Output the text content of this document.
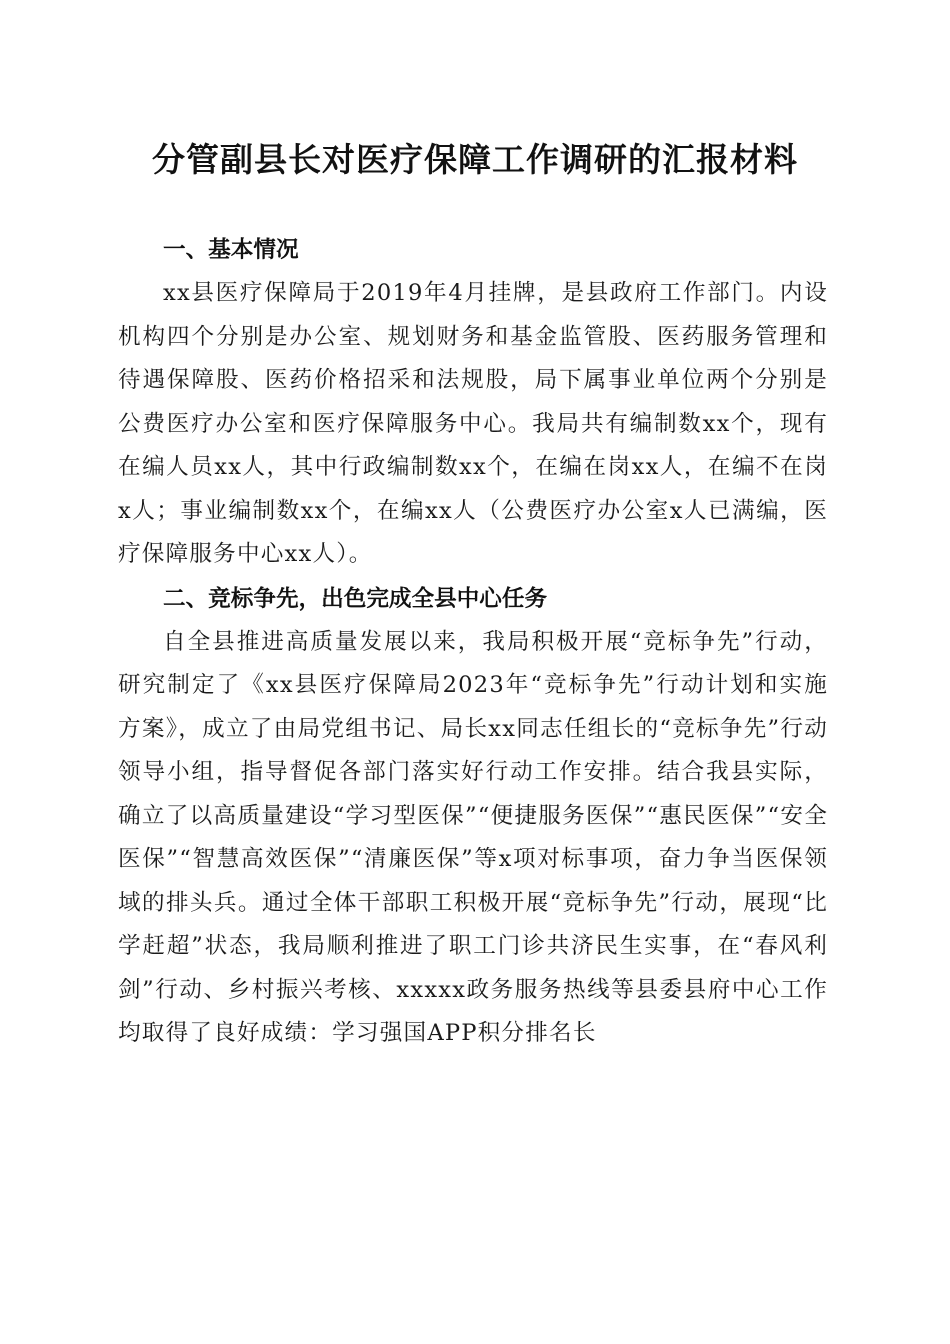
分管副县长对医疗保障工作调研的汇报材料
一、基本情况

xx县医疗保障局于2019年4月挂牌，是县政府工作部门。内设机构四个分别是办公室、规划财务和基金监管股、医药服务管理和待遇保障股、医药价格招采和法规股，局下属事业单位两个分别是公费医疗办公室和医疗保障服务中心。我局共有编制数xx个，现有在编人员xx人，其中行政编制数xx个，在编在岗xx人，在编不在岗x人；事业编制数xx个，在编xx人（公费医疗办公室x人已满编，医疗保障服务中心xx人）。

二、竞标争先，出色完成全县中心任务

自全县推进高质量发展以来，我局积极开展“竞标争先”行动，研究制定了《xx县医疗保障局2023年“竞标争先”行动计划和实施方案》，成立了由局党组书记、局长xx同志任组长的“竞标争先”行动领导小组，指导督促各部门落实好行动工作安排。结合我县实际，确立了以高质量建设“学习型医保”“便捷服务医保”“惠民医保”“安全医保”“智慧高效医保”“清廉医保”等x项对标事项，奋力争当医保领域的排头兵。通过全体干部职工积极开展“竞标争先”行动，展现“比学赶超”状态，我局顺利推进了职工门诊共济民生实事，在“春风利剑”行动、乡村振兴考核、xxxxx政务服务热线等县委县府中心工作均取得了良好成绩：学习强国APP积分排名长
